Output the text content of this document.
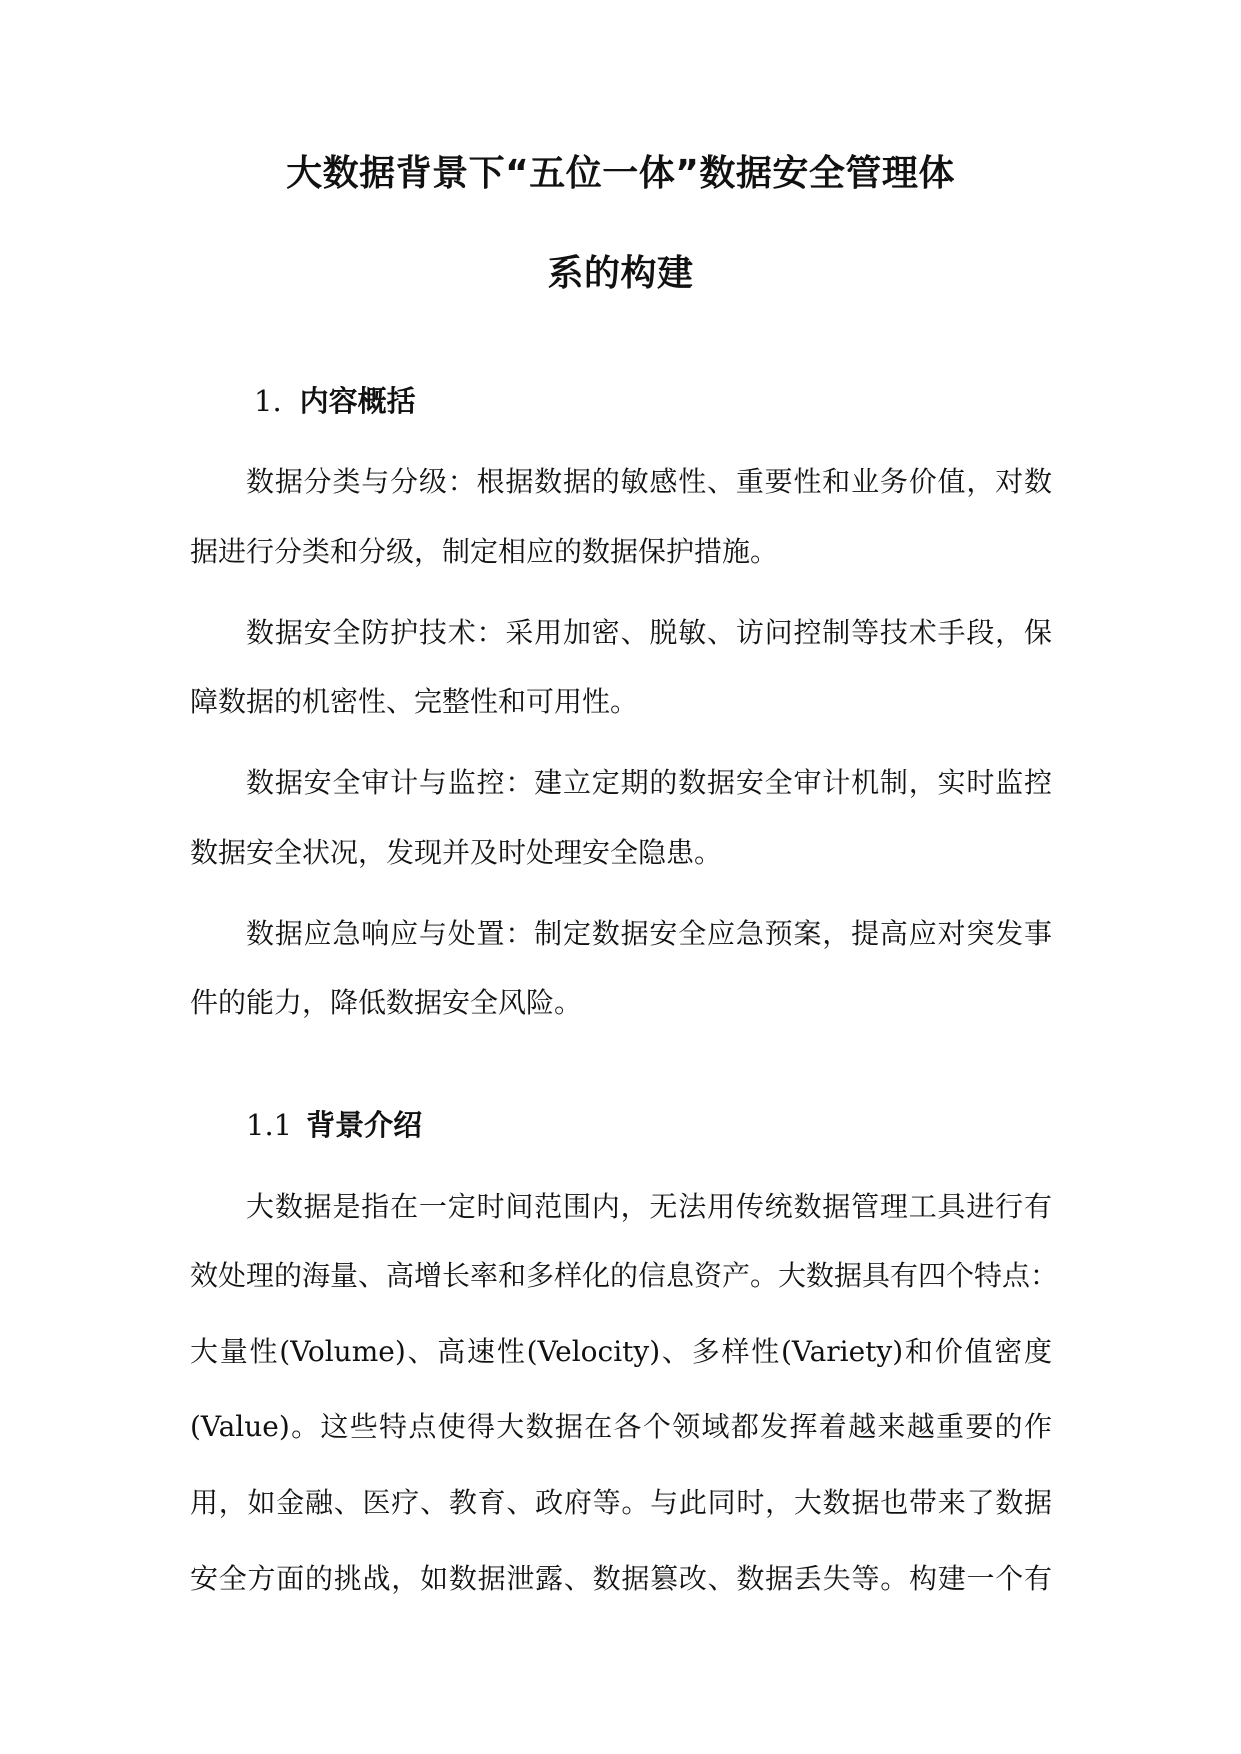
大数据背景下“五位一体”数据安全管理体
系的构建
1. 内容概括

数据分类与分级：根据数据的敏感性、重要性和业务价值，对数

据进行分类和分级，制定相应的数据保护措施。

数据安全防护技术：采用加密、脱敏、访问控制等技术手段，保

障数据的机密性、完整性和可用性。

数据安全审计与监控：建立定期的数据安全审计机制，实时监控

数据安全状况，发现并及时处理安全隐患。

数据应急响应与处置：制定数据安全应急预案，提高应对突发事

件的能力，降低数据安全风险。

1.1 背景介绍

大数据是指在一定时间范围内，无法用传统数据管理工具进行有

效处理的海量、高增长率和多样化的信息资产。大数据具有四个特点：

大量性(Volume)、高速性(Velocity)、多样性(Variety)和价值密度

(Value)。这些特点使得大数据在各个领域都发挥着越来越重要的作

用，如金融、医疗、教育、政府等。与此同时，大数据也带来了数据

安全方面的挑战，如数据泄露、数据篡改、数据丢失等。构建一个有
